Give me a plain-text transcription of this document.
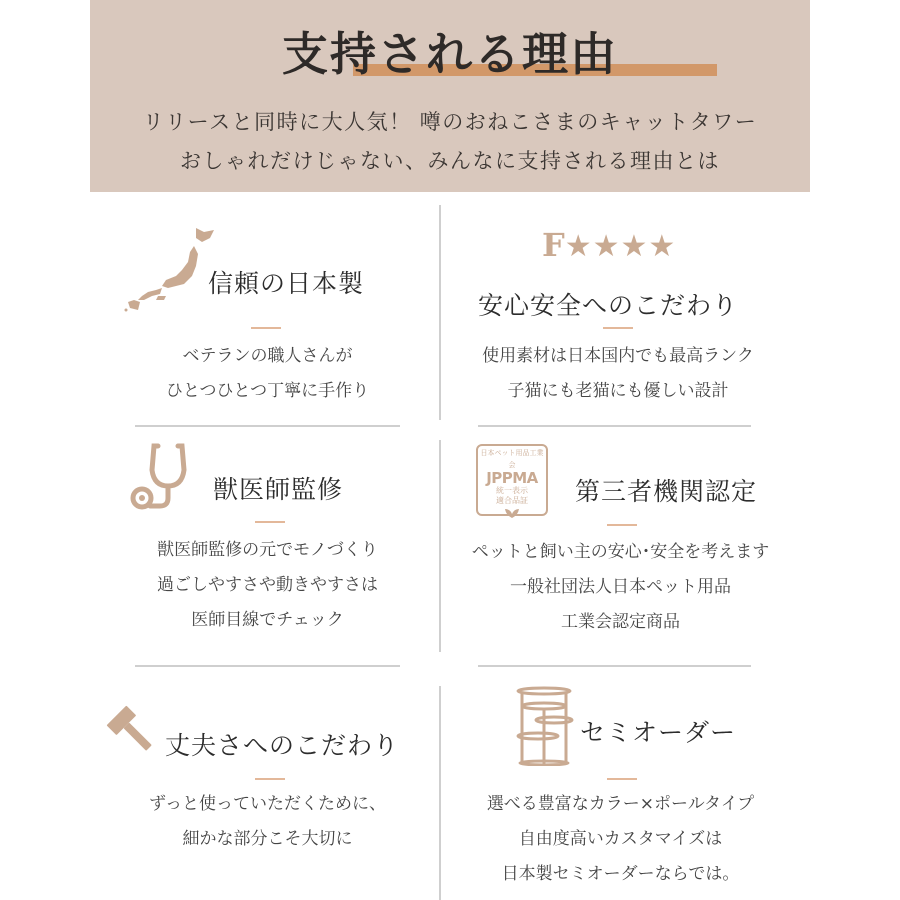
支持される理由
リリースと同時に大人気！ 噂のおねこさまのキャットタワー
おしゃれだけじゃない、みんなに支持される理由とは
信頼の日本製
ベテランの職人さんが
ひとつひとつ丁寧に手作り
F★★★★
安心安全へのこだわり
使用素材は日本国内でも最高ランク
子猫にも老猫にも優しい設計
獣医師監修
獣医師監修の元でモノづくり
過ごしやすさや動きやすさは
医師目線でチェック
日本ペット用品工業会
JPPMA
統一表示
適合品証	第三者機関認定
ペットと飼い主の安心･安全を考えます
一般社団法人日本ペット用品
工業会認定商品
丈夫さへのこだわり
ずっと使っていただくために、
細かな部分こそ大切に
セミオーダー
選べる豊富なカラー×ポールタイプ
自由度高いカスタマイズは
日本製セミオーダーならでは。
